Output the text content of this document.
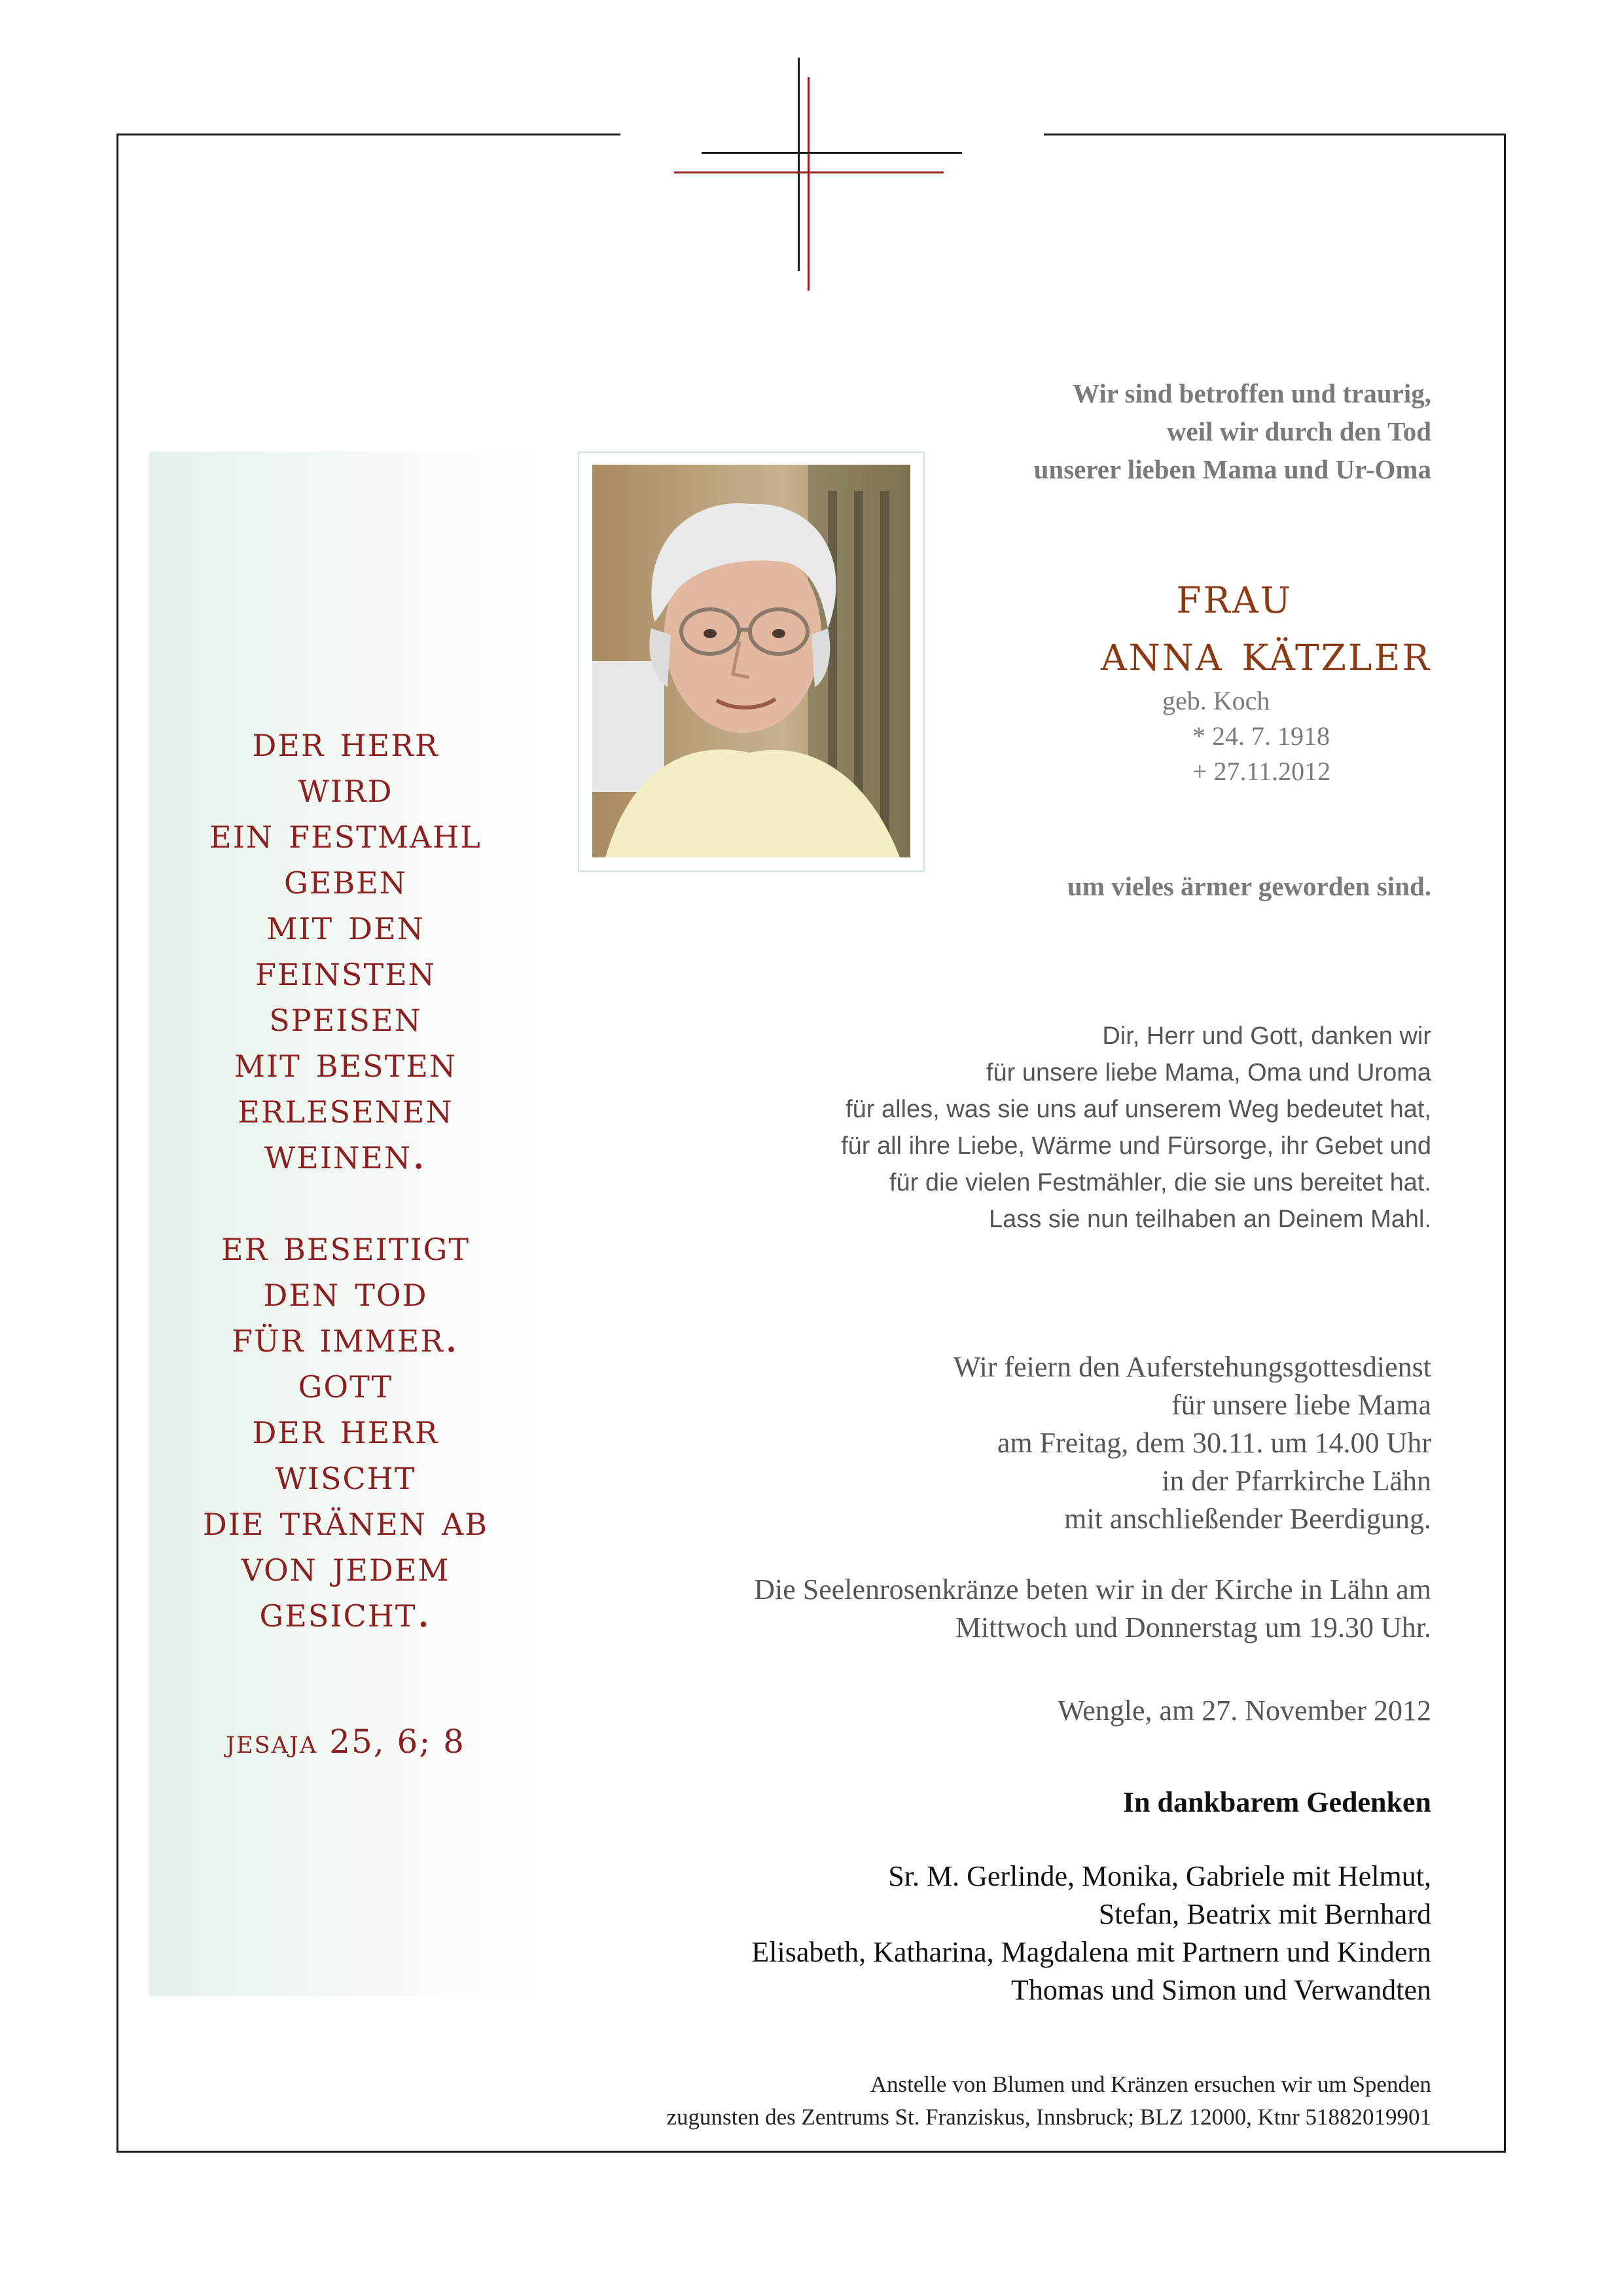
der herr
wird
ein festmahl
geben
mit den
feinsten
speisen
mit besten
erlesenen
weinen.
er beseitigt
den tod
für immer.
gott
der herr
wischt
die tränen ab
von jedem
gesicht.
jesaja 25, 6; 8
Wir sind betroffen und traurig,
weil wir durch den Tod
unserer lieben Mama und Ur-Oma
frau
anna kätzler
geb. Koch
* 24. 7. 1918
+ 27.11.2012
um vieles ärmer geworden sind.
Dir, Herr und Gott, danken wir
für unsere liebe Mama, Oma und Uroma
für alles, was sie uns auf unserem Weg bedeutet hat,
für all ihre Liebe, Wärme und Fürsorge, ihr Gebet und
für die vielen Festmähler, die sie uns bereitet hat.
Lass sie nun teilhaben an Deinem Mahl.
Wir feiern den Auferstehungsgottesdienst
für unsere liebe Mama
am Freitag, dem 30.11. um 14.00 Uhr
in der Pfarrkirche Lähn
mit anschließender Beerdigung.
Die Seelenrosenkränze beten wir in der Kirche in Lähn am
Mittwoch und Donnerstag um 19.30 Uhr.
Wengle, am 27. November 2012
In dankbarem Gedenken
Sr. M. Gerlinde, Monika, Gabriele mit Helmut,
Stefan, Beatrix mit Bernhard
Elisabeth, Katharina, Magdalena mit Partnern und Kindern
Thomas und Simon und Verwandten
Anstelle von Blumen und Kränzen ersuchen wir um Spenden
zugunsten des Zentrums St. Franziskus, Innsbruck; BLZ 12000, Ktnr 51882019901
